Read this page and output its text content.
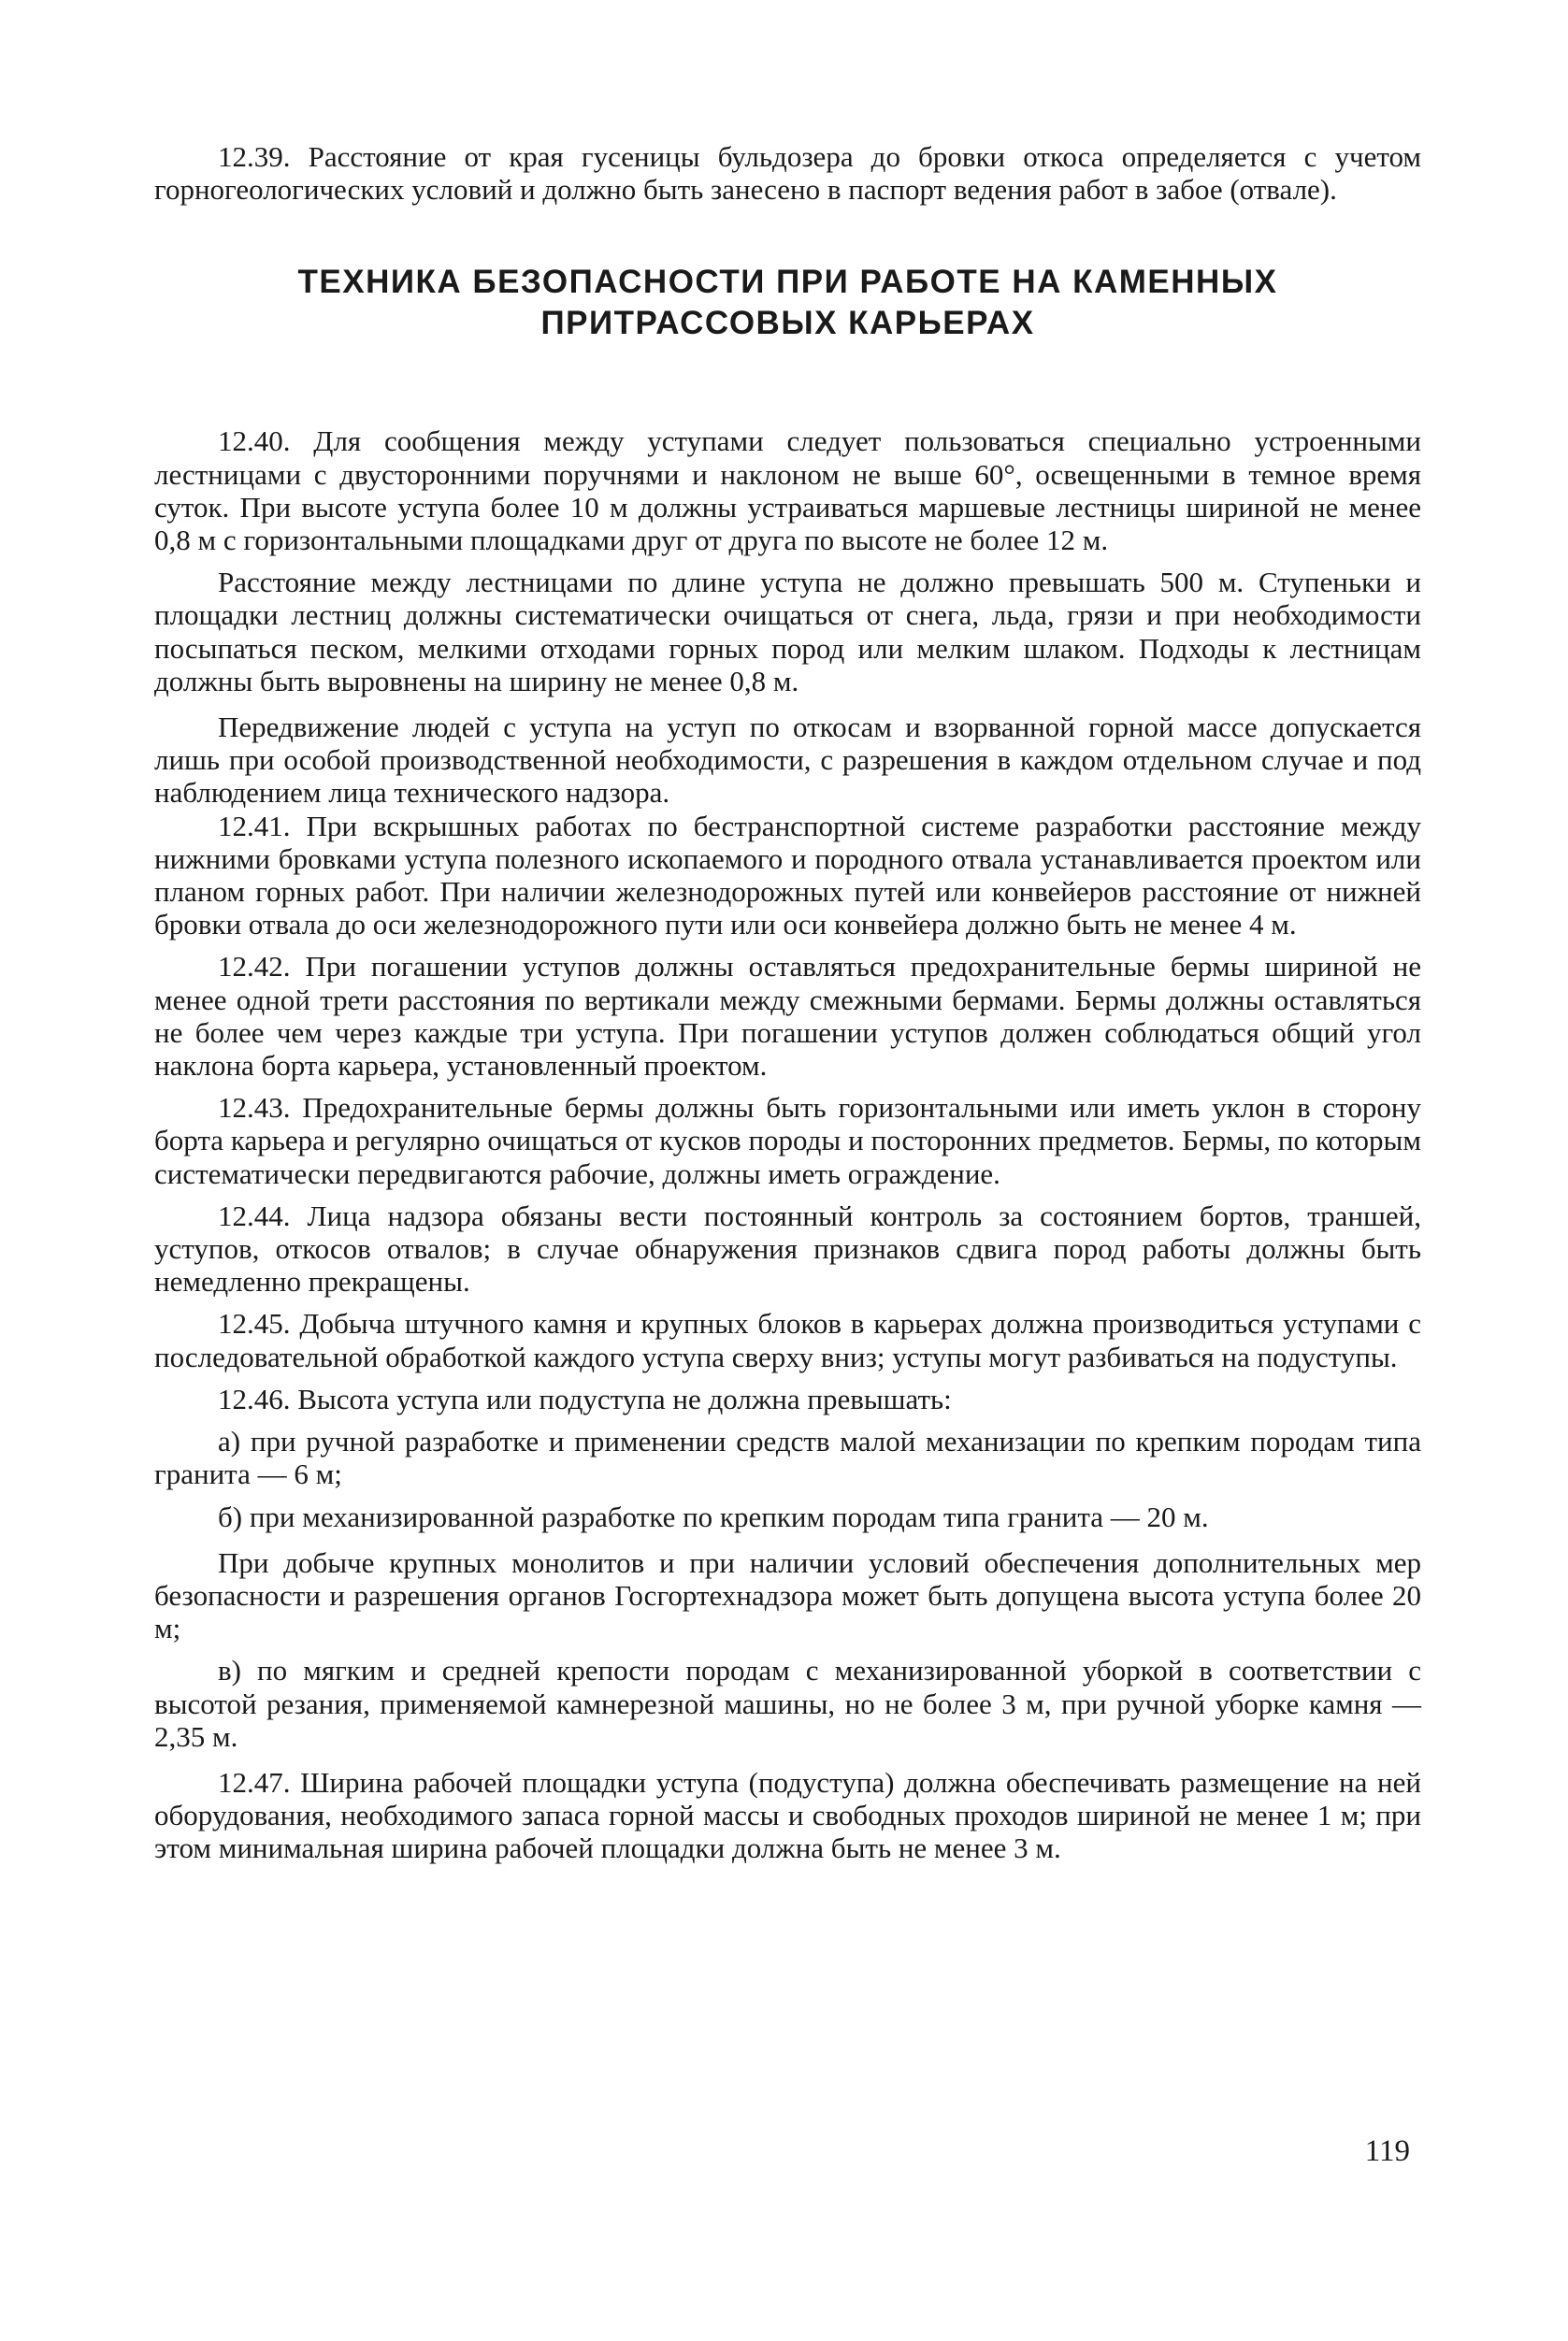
12.39. Расстояние от края гусеницы бульдозера до бровки откоса определяется с учетом горногеологических условий и должно быть занесено в паспорт ведения работ в забое (отвале).

ТЕХНИКА БЕЗОПАСНОСТИ ПРИ РАБОТЕ НА КАМЕННЫХ

ПРИТРАССОВЫХ КАРЬЕРАХ

12.40. Для сообщения между уступами следует пользоваться специально устроенными лестницами с двусторонними поручнями и наклоном не выше 60°, освещенными в темное время суток. При высоте уступа более 10 м должны устраиваться маршевые лестницы шириной не менее 0,8 м с горизонтальными площадками друг от друга по высоте не более 12 м.

Расстояние между лестницами по длине уступа не должно превышать 500 м. Ступеньки и площадки лестниц должны систематически очищаться от снега, льда, грязи и при необходимости посыпаться песком, мелкими отходами горных пород или мелким шлаком. Подходы к лестницам должны быть выровнены на ширину не менее 0,8 м.

Передвижение людей с уступа на уступ по откосам и взорванной горной массе допускается лишь при особой производственной необходимости, с разрешения в каждом отдельном случае и под наблюдением лица технического надзора.

12.41. При вскрышных работах по бестранспортной системе разработки расстояние между нижними бровками уступа полезного ископаемого и породного отвала устанавливается проектом или планом горных работ. При наличии железнодорожных путей или конвейеров расстояние от нижней бровки отвала до оси железнодорожного пути или оси конвейера должно быть не менее 4 м.

12.42. При погашении уступов должны оставляться предохранительные бермы шириной не менее одной трети расстояния по вертикали между смежными бермами. Бермы должны оставляться не более чем через каждые три уступа. При погашении уступов должен соблюдаться общий угол наклона борта карьера, установленный проектом.

12.43. Предохранительные бермы должны быть горизонтальными или иметь уклон в сторону борта карьера и регулярно очищаться от кусков породы и посторонних предметов. Бермы, по которым систематически передвигаются рабочие, должны иметь ограждение.

12.44. Лица надзора обязаны вести постоянный контроль за состоянием бортов, траншей, уступов, откосов отвалов; в случае обнаружения признаков сдвига пород работы должны быть немедленно прекращены.

12.45. Добыча штучного камня и крупных блоков в карьерах должна производиться уступами с последовательной обработкой каждого уступа сверху вниз; уступы могут разбиваться на подуступы.

12.46. Высота уступа или подуступа не должна превышать:

а) при ручной разработке и применении средств малой механизации по крепким породам типа гранита — 6 м;

б) при механизированной разработке по крепким породам типа гранита — 20 м.

При добыче крупных монолитов и при наличии условий обеспечения дополнительных мер безопасности и разрешения органов Госгортехнадзора может быть допущена высота уступа более 20 м;

в) по мягким и средней крепости породам с механизированной уборкой в соответствии с высотой резания, применяемой камнерезной машины, но не более 3 м, при ручной уборке камня — 2,35 м.

12.47. Ширина рабочей площадки уступа (подуступа) должна обеспечивать размещение на ней оборудования, необходимого запаса горной массы и свободных проходов шириной не менее 1 м; при этом минимальная ширина рабочей площадки должна быть не менее 3 м.

119
